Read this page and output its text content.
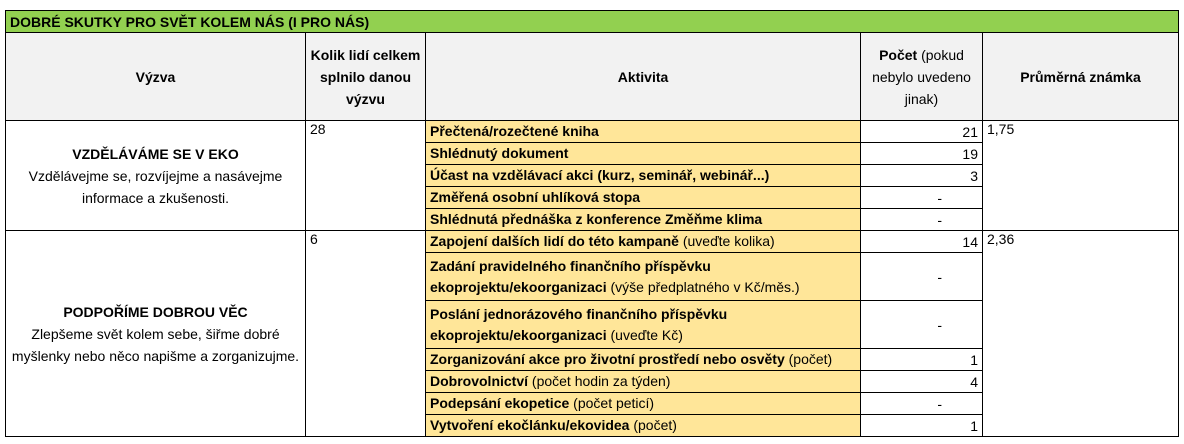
DOBRÉ SKUTKY PRO SVĚT KOLEM NÁS (I PRO NÁS)				
Výzva	Kolik lidí celkem splnilo danou výzvu	Aktivita	Počet (pokud nebylo uvedeno jinak)	Průměrná známka

VZDĚLÁVÁME SE V EKO
Vzdělávejme se, rozvíjejme a nasávejme informace a zkušenosti.	28	Přečtená/rozečtené kniha	21	1,75
		Shlédnutý dokument	19	
		Účast na vzdělávací akci (kurz, seminář, webinář...)	3	
		Změřená osobní uhlíková stopa	-	
		Shlédnutá přednáška z konference Změňme klima	-	

PODPOŘÍME DOBROU VĚC
Zlepšeme svět kolem sebe, šiřme dobré myšlenky nebo něco napišme a zorganizujme.	6	Zapojení dalších lidí do této kampaně (uveďte kolika)	14	2,36
		Zadání pravidelného finančního příspěvku ekoprojektu/ekoorganizaci (výše předplatného v Kč/měs.)	-	
		Poslání jednorázového finančního příspěvku ekoprojektu/ekoorganizaci (uveďte Kč)	-	
		Zorganizování akce pro životní prostředí nebo osvěty (počet)	1	
		Dobrovolnictví (počet hodin za týden)	4	
		Podepsání ekopetice (počet peticí)	-	
		Vytvoření ekočlánku/ekovidea (počet)	1	
